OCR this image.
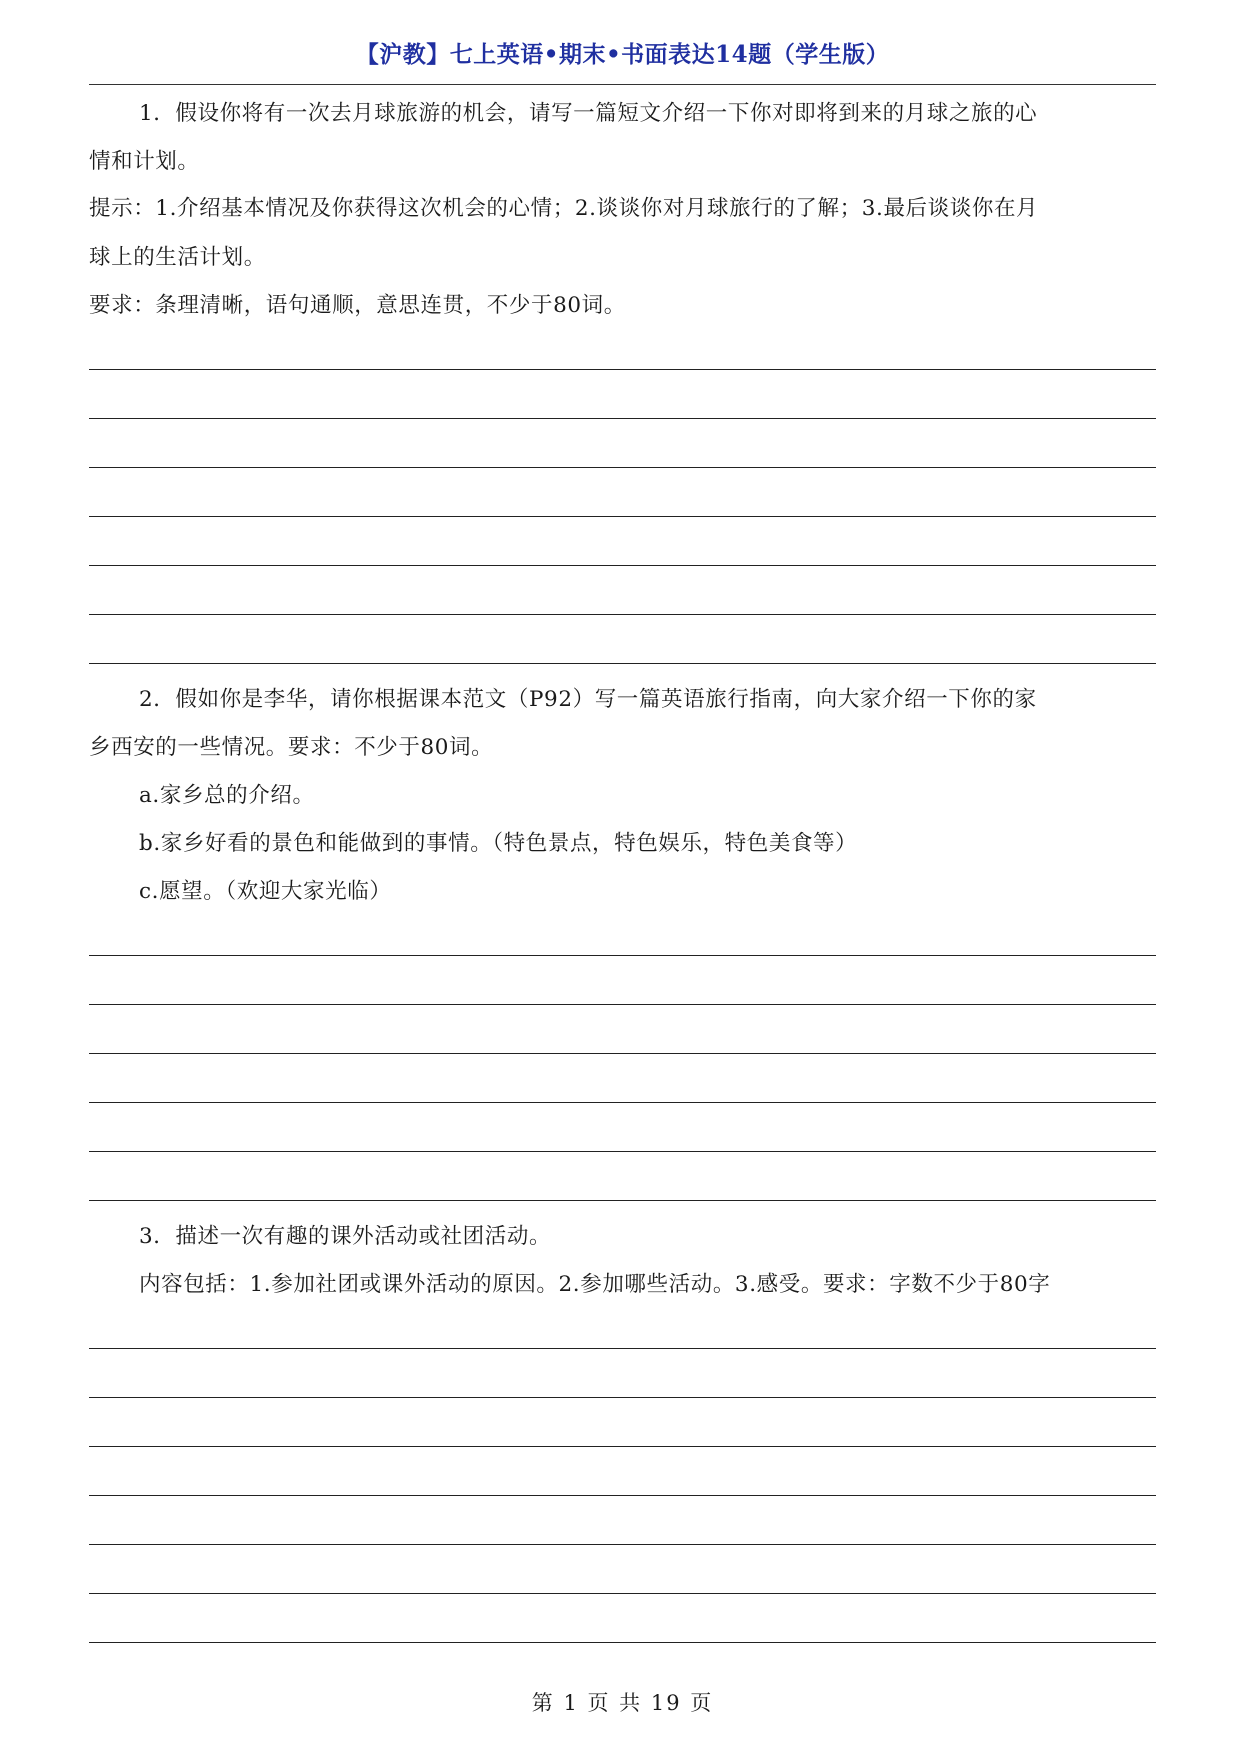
【沪教】七上英语•期末•书面表达14题（学生版）
1．假设你将有一次去月球旅游的机会，请写一篇短文介绍一下你对即将到来的月球之旅的心
情和计划。
提示：1.介绍基本情况及你获得这次机会的心情；2.谈谈你对月球旅行的了解；3.最后谈谈你在月
球上的生活计划。
要求：条理清晰，语句通顺，意思连贯，不少于80词。
2．假如你是李华，请你根据课本范文（P92）写一篇英语旅行指南，向大家介绍一下你的家
乡西安的一些情况。要求：不少于80词。
a.家乡总的介绍。
b.家乡好看的景色和能做到的事情。（特色景点，特色娱乐，特色美食等）
c.愿望。（欢迎大家光临）
3．描述一次有趣的课外活动或社团活动。
内容包括：1.参加社团或课外活动的原因。2.参加哪些活动。3.感受。要求：字数不少于80字
第 1 页 共 19 页
